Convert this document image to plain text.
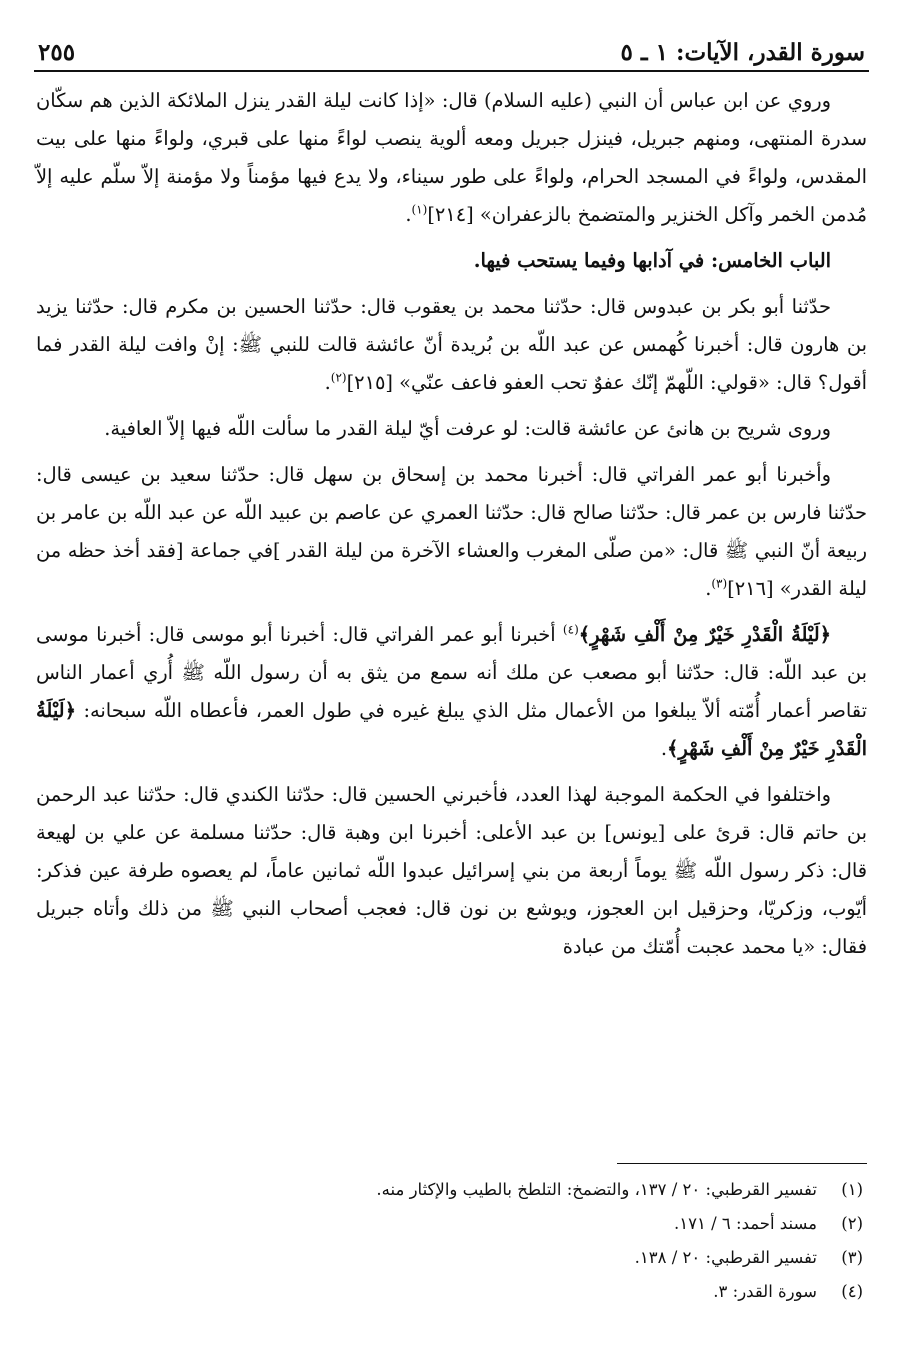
سورة القدر، الآيات: ١ ـ ٥
٢٥٥

وروي عن ابن عباس أن النبي (عليه السلام) قال: «إذا كانت ليلة القدر ينزل الملائكة الذين هم سكّان سدرة المنتهى، ومنهم جبريل، فينزل جبريل ومعه ألوية ينصب لواءً منها على قبري، ولواءً منها على بيت المقدس، ولواءً في المسجد الحرام، ولواءً على طور سيناء، ولا يدع فيها مؤمناً ولا مؤمنة إلاّ سلّم عليه إلاّ مُدمن الخمر وآكل الخنزير والمتضمخ بالزعفران» [٢١٤]$^{(١)}$.

الباب الخامس: في آدابها وفيما يستحب فيها.

حدّثنا أبو بكر بن عبدوس قال: حدّثنا محمد بن يعقوب قال: حدّثنا الحسين بن مكرم قال: حدّثنا يزيد بن هارون قال: أخبرنا كُهمس عن عبد اللّه بن بُريدة أنّ عائشة قالت للنبي ﷺ: إنْ وافت ليلة القدر فما أقول؟ قال: «قولي: اللّهمّ إنّك عفوٌ تحب العفو فاعف عنّي» [٢١٥]$^{(٢)}$.

وروى شريح بن هانئ عن عائشة قالت: لو عرفت أيّ ليلة القدر ما سألت اللّه فيها إلاّ العافية.

وأخبرنا أبو عمر الفراتي قال: أخبرنا محمد بن إسحاق بن سهل قال: حدّثنا سعيد بن عيسى قال: حدّثنا فارس بن عمر قال: حدّثنا صالح قال: حدّثنا العمري عن عاصم بن عبيد اللّه عن عبد اللّه بن عامر بن ربيعة أنّ النبي ﷺ قال: «من صلّى المغرب والعشاء الآخرة من ليلة القدر ]في جماعة [فقد أخذ حظه من ليلة القدر» [٢١٦]$^{(٣)}$.

﴿لَيْلَةُ الْقَدْرِ خَيْرٌ مِنْ أَلْفِ شَهْرٍ﴾$^{(٤)}$ أخبرنا أبو عمر الفراتي قال: أخبرنا أبو موسى قال: أخبرنا موسى بن عبد اللّه: قال: حدّثنا أبو مصعب عن ملك أنه سمع من يثق به أن رسول اللّه ﷺ أُري أعمار الناس تقاصر أعمار أُمّته ألاّ يبلغوا من الأعمال مثل الذي يبلغ غيره في طول العمر، فأعطاه اللّه سبحانه: ﴿لَيْلَةُ الْقَدْرِ خَيْرٌ مِنْ أَلْفِ شَهْرٍ﴾.

واختلفوا في الحكمة الموجبة لهذا العدد، فأخبرني الحسين قال: حدّثنا الكندي قال: حدّثنا عبد الرحمن بن حاتم قال: قرئ على [يونس] بن عبد الأعلى: أخبرنا ابن وهبة قال: حدّثنا مسلمة عن علي بن لهيعة قال: ذكر رسول اللّه ﷺ يوماً أربعة من بني إسرائيل عبدوا اللّه ثمانين عاماً، لم يعصوه طرفة عين فذكر: أيّوب، وزكريّا، وحزقيل ابن العجوز، ويوشع بن نون قال: فعجب أصحاب النبي ﷺ من ذلك وأتاه جبريل فقال: «يا محمد عجبت أُمّتك من عبادة

(١)
تفسير القرطبي: ٢٠ / ١٣٧، والتضمخ: التلطخ بالطيب والإكثار منه.
(٢)
مسند أحمد: ٦ / ١٧١.
(٣)
تفسير القرطبي: ٢٠ / ١٣٨.
(٤)
سورة القدر: ٣.
